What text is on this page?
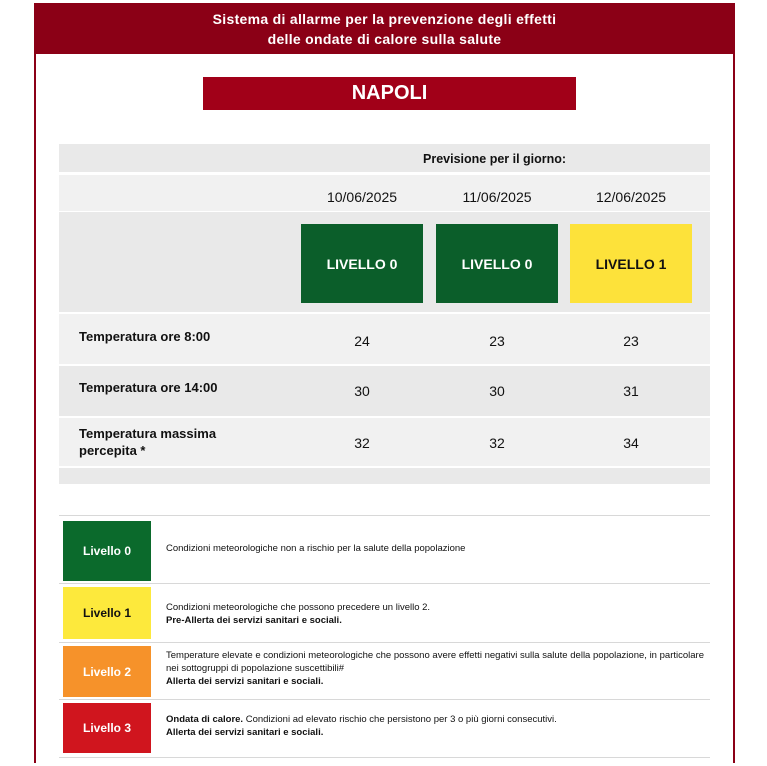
Sistema di allarme per la prevenzione degli effetti
delle ondate di calore sulla salute
NAPOLI
Previsione per il giorno:
10/06/2025	11/06/2025	12/06/2025
LIVELLO 0	LIVELLO 0	LIVELLO 1
Temperatura ore 8:00	24	23	23
Temperatura ore 14:00	30	30	31
Temperatura massima
percepita *	32	32	34
Livello 0	Condizioni meteorologiche non a rischio per la salute della popolazione
Livello 1	Condizioni meteorologiche che possono precedere un livello 2.
Pre-Allerta dei servizi sanitari e sociali.
Livello 2
Temperature elevate e condizioni meteorologiche che possono avere effetti negativi sulla salute della popolazione, in particolare nei sottogruppi di popolazione suscettibili#
Allerta dei servizi sanitari e sociali.
Livello 3
Ondata di calore. Condizioni ad elevato rischio che persistono per 3 o più giorni consecutivi.
Allerta dei servizi sanitari e sociali.
